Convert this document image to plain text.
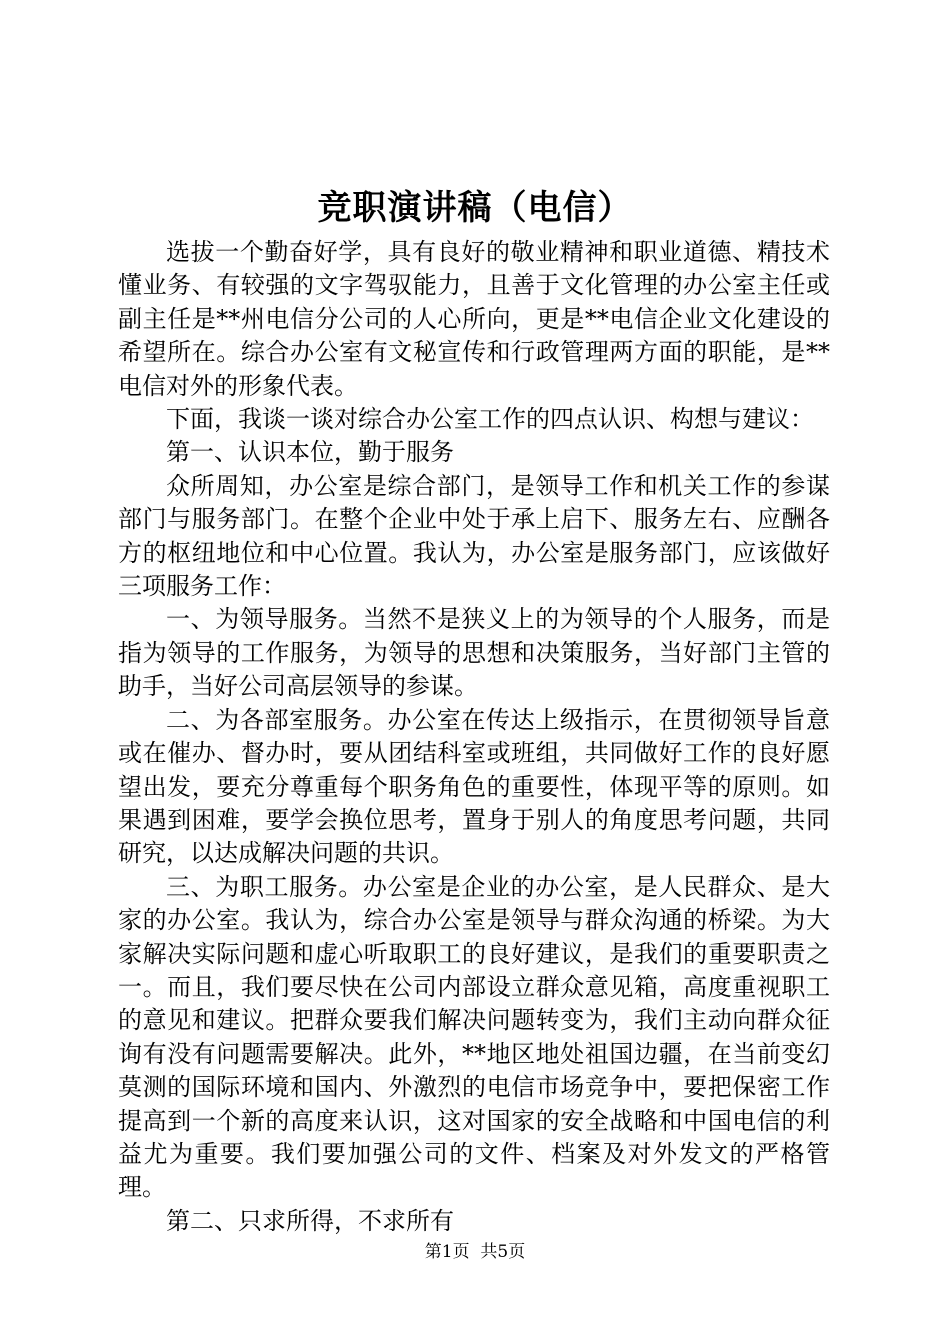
竞职演讲稿（电信）

选拔一个勤奋好学，具有良好的敬业精神和职业道德、精技术懂业务、有较强的文字驾驭能力，且善于文化管理的办公室主任或副主任是**州电信分公司的人心所向，更是**电信企业文化建设的希望所在。综合办公室有文秘宣传和行政管理两方面的职能，是**电信对外的形象代表。

下面，我谈一谈对综合办公室工作的四点认识、构想与建议：

第一、认识本位，勤于服务

众所周知，办公室是综合部门，是领导工作和机关工作的参谋部门与服务部门。在整个企业中处于承上启下、服务左右、应酬各方的枢纽地位和中心位置。我认为，办公室是服务部门，应该做好三项服务工作：

一、为领导服务。当然不是狭义上的为领导的个人服务，而是指为领导的工作服务，为领导的思想和决策服务，当好部门主管的助手，当好公司高层领导的参谋。

二、为各部室服务。办公室在传达上级指示，在贯彻领导旨意或在催办、督办时，要从团结科室或班组，共同做好工作的良好愿望出发，要充分尊重每个职务角色的重要性，体现平等的原则。如果遇到困难，要学会换位思考，置身于别人的角度思考问题，共同研究，以达成解决问题的共识。

三、为职工服务。办公室是企业的办公室，是人民群众、是大家的办公室。我认为，综合办公室是领导与群众沟通的桥梁。为大家解决实际问题和虚心听取职工的良好建议，是我们的重要职责之一。而且，我们要尽快在公司内部设立群众意见箱，高度重视职工的意见和建议。把群众要我们解决问题转变为，我们主动向群众征询有没有问题需要解决。此外，**地区地处祖国边疆，在当前变幻莫测的国际环境和国内、外激烈的电信市场竞争中，要把保密工作提高到一个新的高度来认识，这对国家的安全战略和中国电信的利益尤为重要。我们要加强公司的文件、档案及对外发文的严格管理。

第二、只求所得，不求所有

第1页 共5页
